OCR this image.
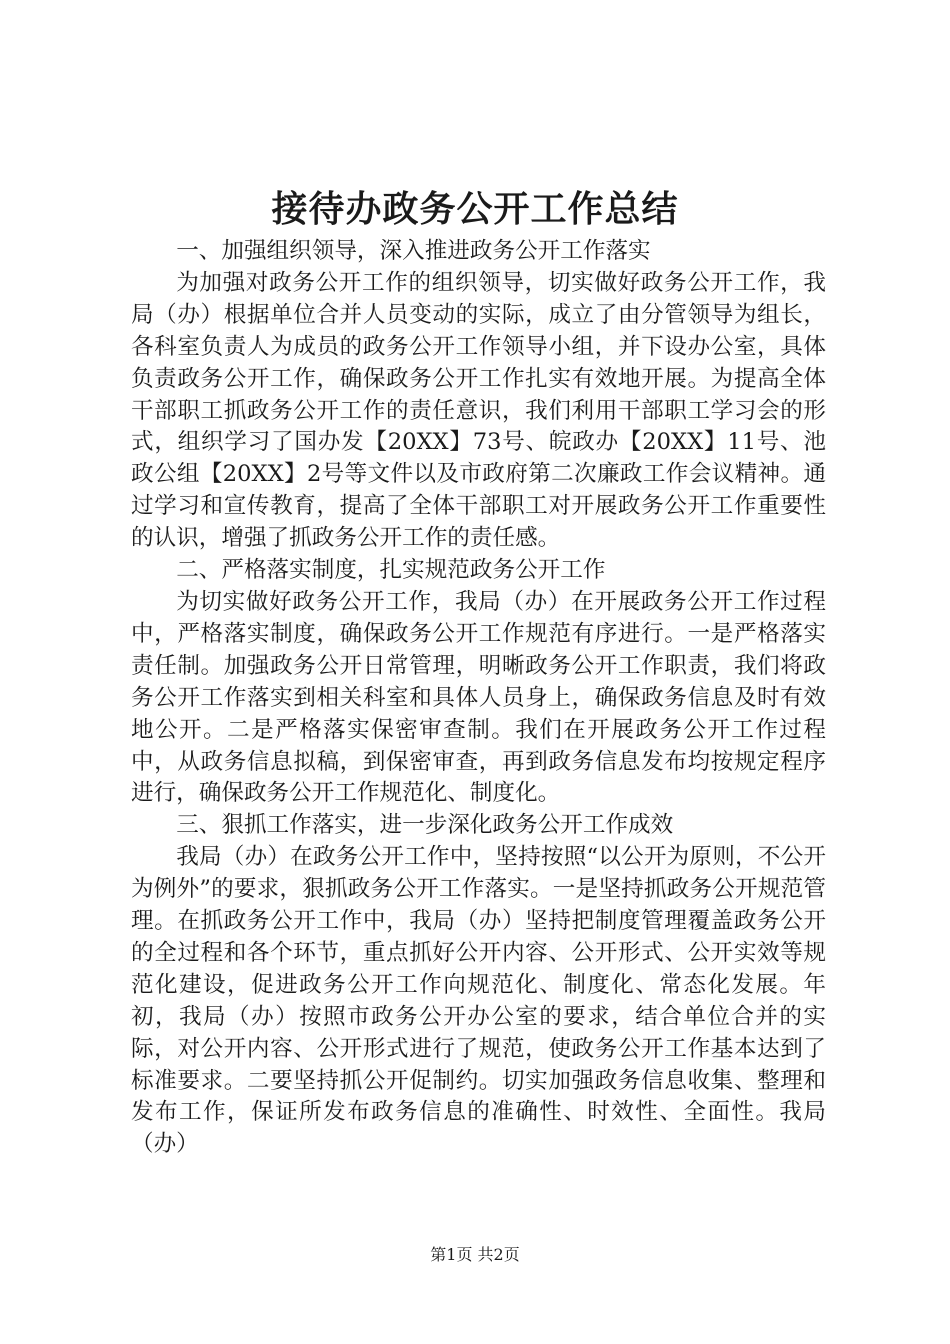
接待办政务公开工作总结

一、加强组织领导，深入推进政务公开工作落实

为加强对政务公开工作的组织领导，切实做好政务公开工作，我局（办）根据单位合并人员变动的实际，成立了由分管领导为组长，各科室负责人为成员的政务公开工作领导小组，并下设办公室，具体负责政务公开工作，确保政务公开工作扎实有效地开展。为提高全体干部职工抓政务公开工作的责任意识，我们利用干部职工学习会的形式，组织学习了国办发【20XX】73号、皖政办【20XX】11号、池政公组【20XX】2号等文件以及市政府第二次廉政工作会议精神。通过学习和宣传教育，提高了全体干部职工对开展政务公开工作重要性的认识，增强了抓政务公开工作的责任感。

二、严格落实制度，扎实规范政务公开工作

为切实做好政务公开工作，我局（办）在开展政务公开工作过程中，严格落实制度，确保政务公开工作规范有序进行。一是严格落实责任制。加强政务公开日常管理，明晰政务公开工作职责，我们将政务公开工作落实到相关科室和具体人员身上，确保政务信息及时有效地公开。二是严格落实保密审查制。我们在开展政务公开工作过程中，从政务信息拟稿，到保密审查，再到政务信息发布均按规定程序进行，确保政务公开工作规范化、制度化。

三、狠抓工作落实，进一步深化政务公开工作成效

我局（办）在政务公开工作中，坚持按照“以公开为原则，不公开为例外”的要求，狠抓政务公开工作落实。一是坚持抓政务公开规范管理。在抓政务公开工作中，我局（办）坚持把制度管理覆盖政务公开的全过程和各个环节，重点抓好公开内容、公开形式、公开实效等规范化建设，促进政务公开工作向规范化、制度化、常态化发展。年初，我局（办）按照市政务公开办公室的要求，结合单位合并的实际，对公开内容、公开形式进行了规范，使政务公开工作基本达到了标准要求。二要坚持抓公开促制约。切实加强政务信息收集、整理和发布工作，保证所发布政务信息的准确性、时效性、全面性。我局（办）

第1页 共2页
